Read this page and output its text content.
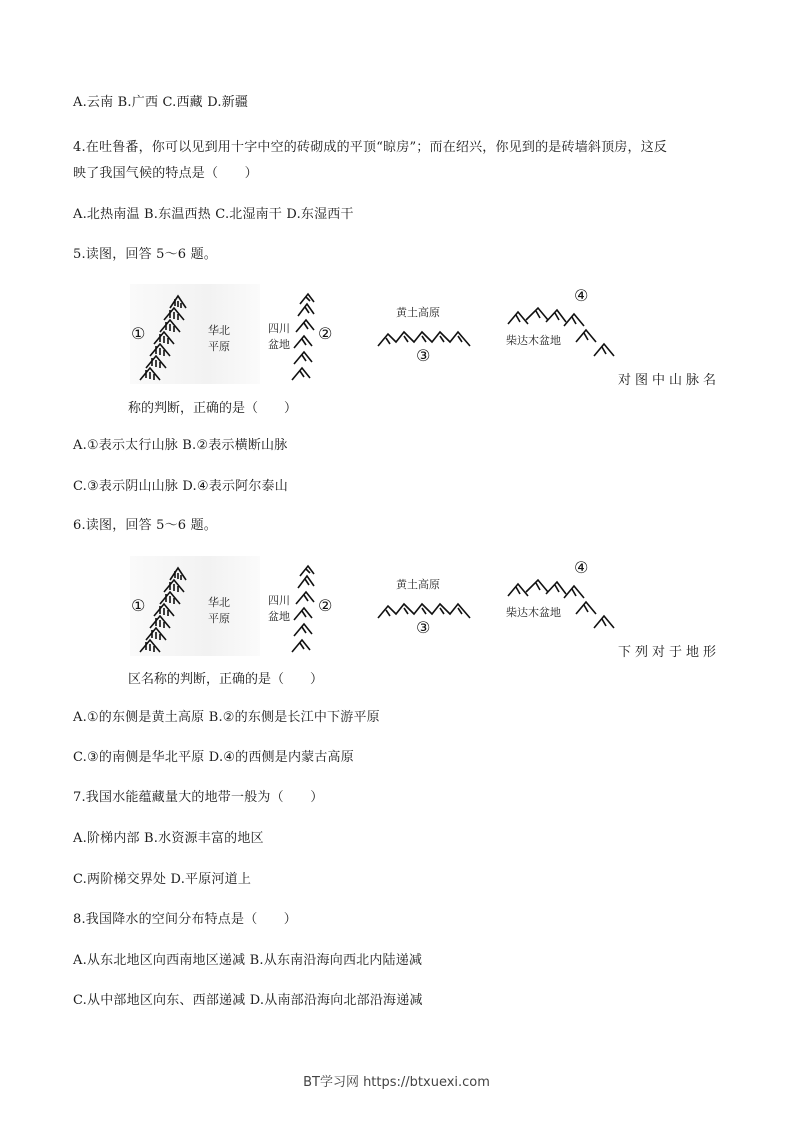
A.云南 B.广西 C.西藏 D.新疆
4.在吐鲁番，你可以见到用十字中空的砖砌成的平顶“晾房”；而在绍兴，你见到的是砖墙斜顶房，这反
映了我国气候的特点是（　　）
A.北热南温 B.东温西热 C.北湿南干 D.东湿西干
5.读图，回答 5～6 题。
①	华北
平原
四川
盆地
②
黄土高原
③
柴达木盆地
④
对图中山脉名
称的判断，正确的是（　　）
A.①表示太行山脉 B.②表示横断山脉
C.③表示阴山山脉 D.④表示阿尔泰山
6.读图，回答 5～6 题。
①	华北
平原
四川
盆地
②
黄土高原
③
柴达木盆地
④
下列对于地形
区名称的判断，正确的是（　　）
A.①的东侧是黄土高原 B.②的东侧是长江中下游平原
C.③的南侧是华北平原 D.④的西侧是内蒙古高原
7.我国水能蕴藏量大的地带一般为（　　）
A.阶梯内部 B.水资源丰富的地区
C.两阶梯交界处 D.平原河道上
8.我国降水的空间分布特点是（　　）
A.从东北地区向西南地区递减 B.从东南沿海向西北内陆递减
C.从中部地区向东、西部递减 D.从南部沿海向北部沿海递减
BT学习网 https://btxuexi.com
